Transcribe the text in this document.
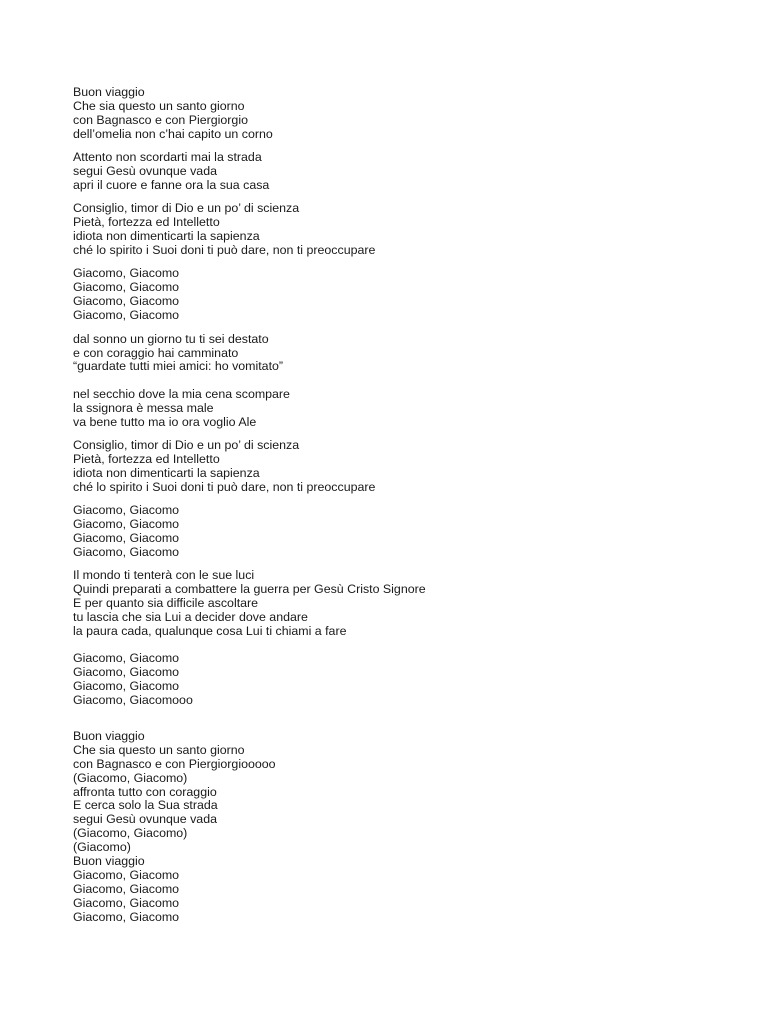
Buon viaggio
Che sia questo un santo giorno
con Bagnasco e con Piergiorgio
dell’omelia non c’hai capito un corno
Attento non scordarti mai la strada
segui Gesù ovunque vada
apri il cuore e fanne ora la sua casa
Consiglio, timor di Dio e un po’ di scienza
Pietà, fortezza ed Intelletto
idiota non dimenticarti la sapienza
ché lo spirito i Suoi doni ti può dare, non ti preoccupare
Giacomo, Giacomo
Giacomo, Giacomo
Giacomo, Giacomo
Giacomo, Giacomo
dal sonno un giorno tu ti sei destato
e con coraggio hai camminato
“guardate tutti miei amici: ho vomitato”
nel secchio dove la mia cena scompare
la ssignora è messa male
va bene tutto ma io ora voglio Ale
Consiglio, timor di Dio e un po’ di scienza
Pietà, fortezza ed Intelletto
idiota non dimenticarti la sapienza
ché lo spirito i Suoi doni ti può dare, non ti preoccupare
Giacomo, Giacomo
Giacomo, Giacomo
Giacomo, Giacomo
Giacomo, Giacomo
Il mondo ti tenterà con le sue luci
Quindi preparati a combattere la guerra per Gesù Cristo Signore
E per quanto sia difficile ascoltare
tu lascia che sia Lui a decider dove andare
la paura cada, qualunque cosa Lui ti chiami a fare
Giacomo, Giacomo
Giacomo, Giacomo
Giacomo, Giacomo
Giacomo, Giacomooo
Buon viaggio
Che sia questo un santo giorno
con Bagnasco e con Piergiorgiooooo
(Giacomo, Giacomo)
affronta tutto con coraggio
E cerca solo la Sua strada
segui Gesù ovunque vada
(Giacomo, Giacomo)
(Giacomo)
Buon viaggio
Giacomo, Giacomo
Giacomo, Giacomo
Giacomo, Giacomo
Giacomo, Giacomo
